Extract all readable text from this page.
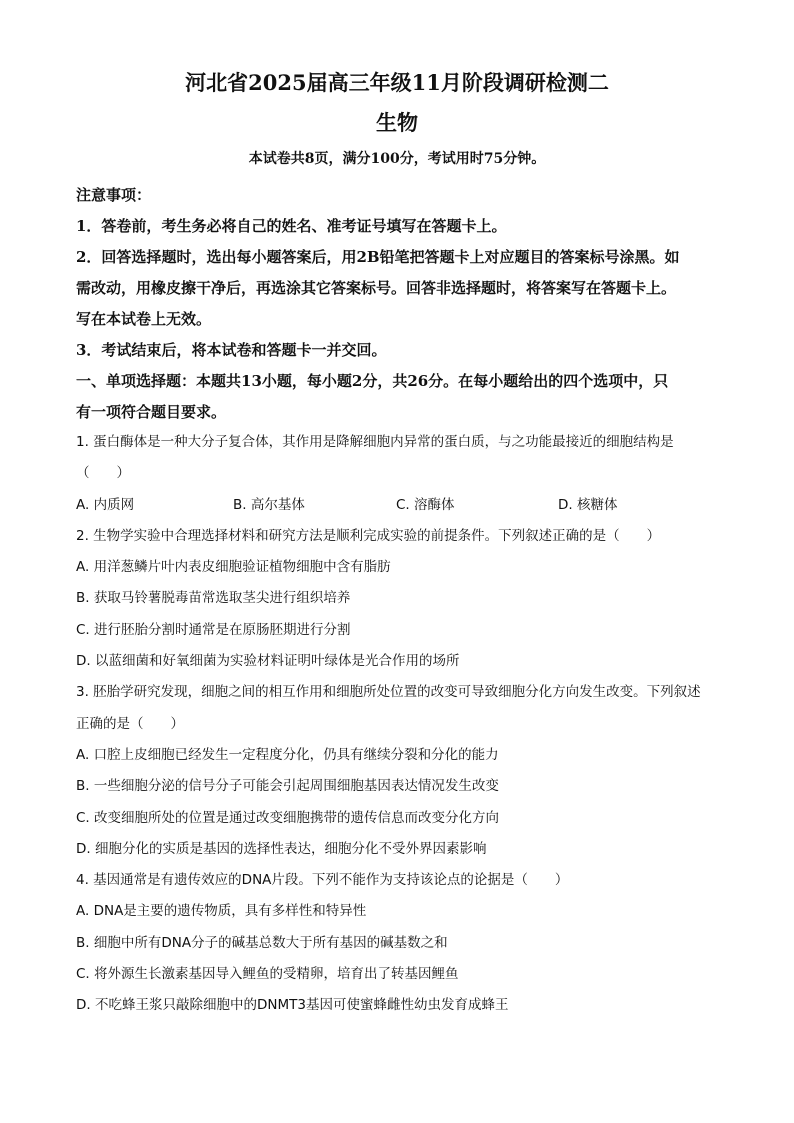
河北省2025届高三年级11月阶段调研检测二
生物
本试卷共8页，满分100分，考试用时75分钟。
注意事项：
1．答卷前，考生务必将自己的姓名、准考证号填写在答题卡上。
2．回答选择题时，选出每小题答案后，用2B铅笔把答题卡上对应题目的答案标号涂黑。如
需改动，用橡皮擦干净后，再选涂其它答案标号。回答非选择题时，将答案写在答题卡上。
写在本试卷上无效。
3．考试结束后，将本试卷和答题卡一并交回。
一、单项选择题：本题共13小题，每小题2分，共26分。在每小题给出的四个选项中，只
有一项符合题目要求。
1. 蛋白酶体是一种大分子复合体，其作用是降解细胞内异常的蛋白质，与之功能最接近的细胞结构是
（　　）
A. 内质网	B. 高尔基体	C. 溶酶体	D. 核糖体
2. 生物学实验中合理选择材料和研究方法是顺利完成实验的前提条件。下列叙述正确的是（　　）
A. 用洋葱鳞片叶内表皮细胞验证植物细胞中含有脂肪
B. 获取马铃薯脱毒苗常选取茎尖进行组织培养
C. 进行胚胎分割时通常是在原肠胚期进行分割
D. 以蓝细菌和好氧细菌为实验材料证明叶绿体是光合作用的场所
3. 胚胎学研究发现，细胞之间的相互作用和细胞所处位置的改变可导致细胞分化方向发生改变。下列叙述
正确的是（　　）
A. 口腔上皮细胞已经发生一定程度分化，仍具有继续分裂和分化的能力
B. 一些细胞分泌的信号分子可能会引起周围细胞基因表达情况发生改变
C. 改变细胞所处的位置是通过改变细胞携带的遗传信息而改变分化方向
D. 细胞分化的实质是基因的选择性表达，细胞分化不受外界因素影响
4. 基因通常是有遗传效应的DNA片段。下列不能作为支持该论点的论据是（　　）
A. DNA是主要的遗传物质，具有多样性和特异性
B. 细胞中所有DNA分子的碱基总数大于所有基因的碱基数之和
C. 将外源生长激素基因导入鲤鱼的受精卵，培育出了转基因鲤鱼
D. 不吃蜂王浆只敲除细胞中的DNMT3基因可使蜜蜂雌性幼虫发育成蜂王
